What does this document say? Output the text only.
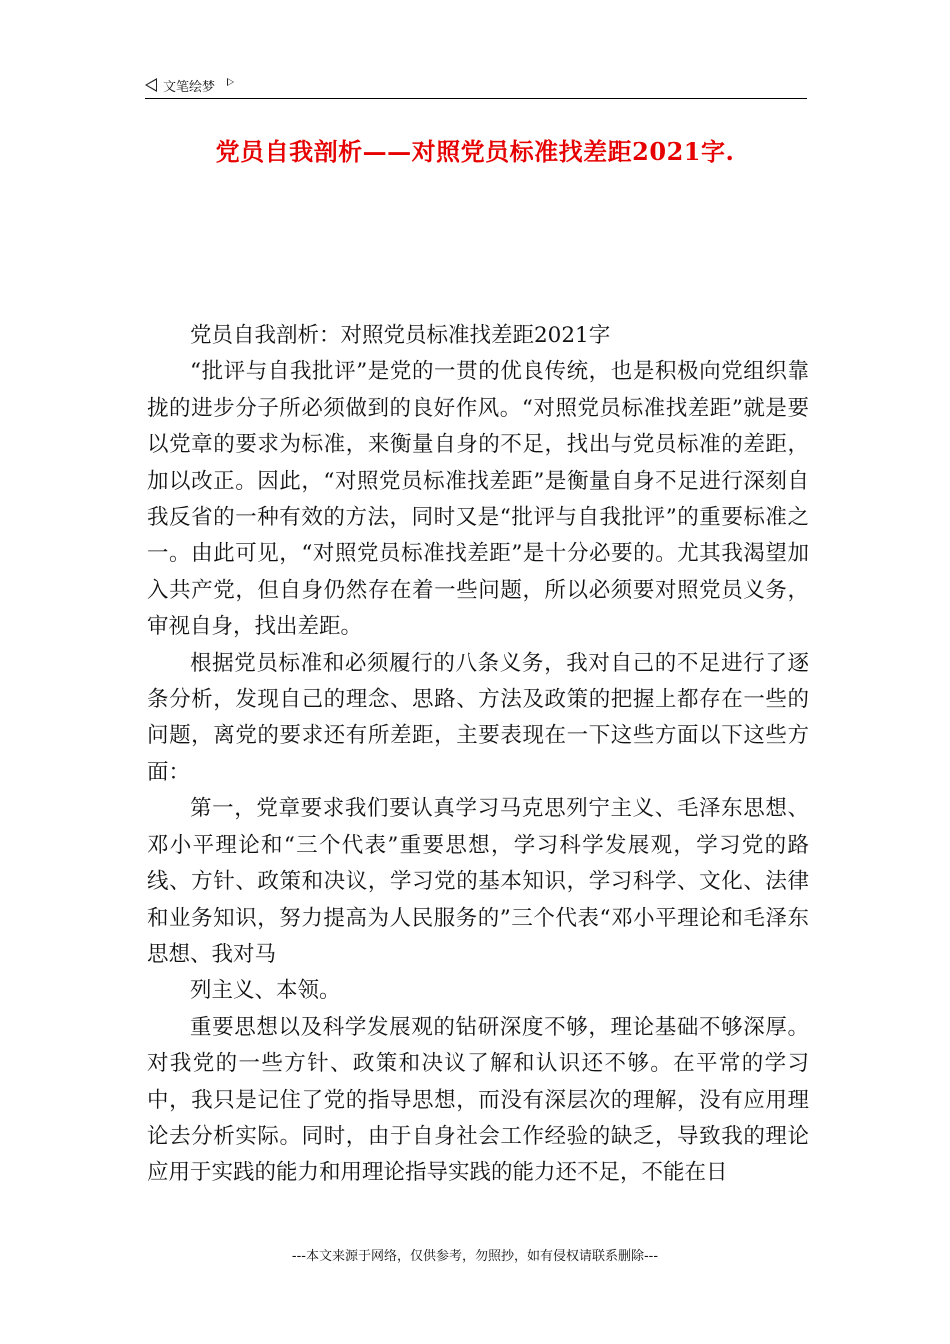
文笔绘梦
党员自我剖析——对照党员标准找差距2021字.

党员自我剖析：对照党员标准找差距2021字

“批评与自我批评”是党的一贯的优良传统，也是积极向党组织靠拢的进步分子所必须做到的良好作风。“对照党员标准找差距”就是要以党章的要求为标准，来衡量自身的不足，找出与党员标准的差距，加以改正。因此，“对照党员标准找差距”是衡量自身不足进行深刻自我反省的一种有效的方法，同时又是“批评与自我批评”的重要标准之一。由此可见，“对照党员标准找差距”是十分必要的。尤其我渴望加入共产党，但自身仍然存在着一些问题，所以必须要对照党员义务，审视自身，找出差距。

根据党员标准和必须履行的八条义务，我对自己的不足进行了逐条分析，发现自己的理念、思路、方法及政策的把握上都存在一些的问题，离党的要求还有所差距，主要表现在一下这些方面以下这些方面：

第一，党章要求我们要认真学习马克思列宁主义、毛泽东思想、邓小平理论和“三个代表”重要思想，学习科学发展观，学习党的路线、方针、政策和决议，学习党的基本知识，学习科学、文化、法律和业务知识，努力提高为人民服务的”三个代表“邓小平理论和毛泽东思想、我对马

列主义、本领。

重要思想以及科学发展观的钻研深度不够，理论基础不够深厚。对我党的一些方针、政策和决议了解和认识还不够。在平常的学习中，我只是记住了党的指导思想，而没有深层次的理解，没有应用理论去分析实际。同时，由于自身社会工作经验的缺乏，导致我的理论应用于实践的能力和用理论指导实践的能力还不足，不能在日

---本文来源于网络，仅供参考，勿照抄，如有侵权请联系删除---
